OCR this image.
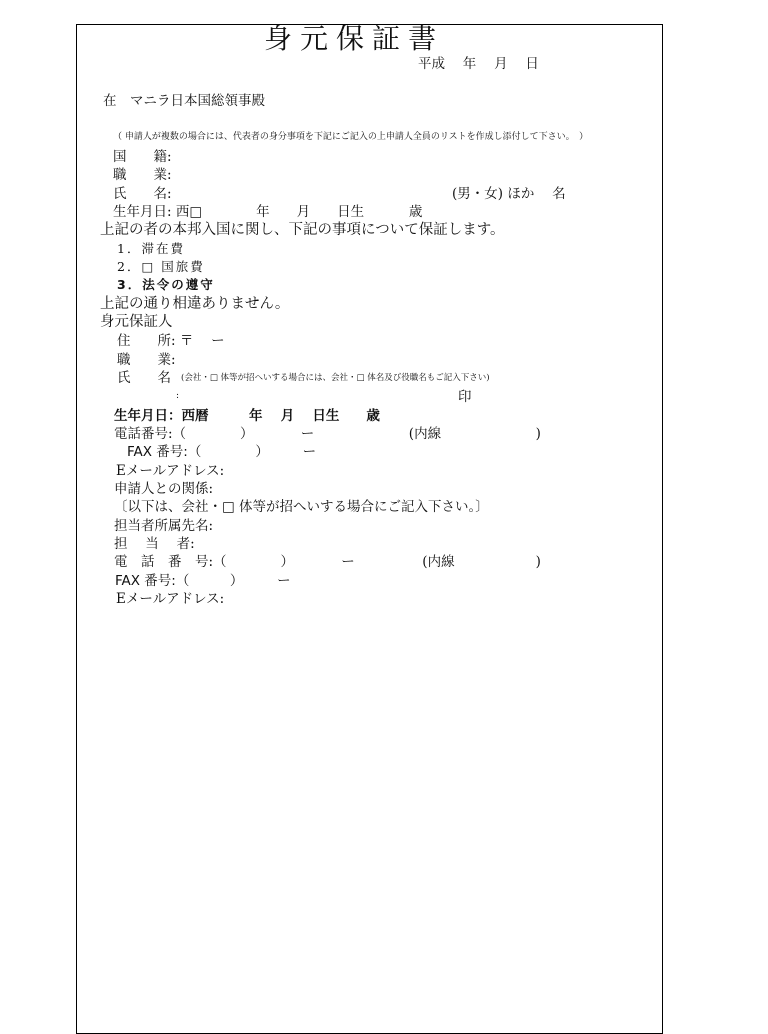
身元保証書
平成　 年　 月　 日
在　マニラ日本国総領事殿
（ 申請人が複数の場合には、代表者の身分事項を下記にご記入の上申請人全員のリストを作成し添付して下さい。　）
国　　籍:
職　　業:
氏　　名:	(男・女) ほか　 名
生年月日: 西□　　　　年　　月　　日生　　　 歳
上記の者の本邦入国に関し、下記の事項について保証します。
1．滞在費
2．□ 国旅費
3．法令の遵守
上記の通り相違ありません。
身元保証人
住　　所: 〒　 ー
職　　業:
氏　　名 (会社・□ 体等が招へいする場合には、会社・□ 体名及び役職名もご記入下さい)
:	印
生年月日：西暦　　　年　 月　 日生　　歳
電話番号:（　　　　）　　　　ー　　　　　　　(内線　　　　　　　)
FAX 番号:（　　　　）　　　ー
Eメールアドレス:
申請人との関係:
〔以下は、会社・□ 体等が招へいする場合にご記入下さい。〕
担当者所属先名:
担　 当　 者:
電　話　番　号:（　　　　）　　　　ー　　　　　(内線　　　　　　)
FAX 番号:（　　　）　　　ー
Eメールアドレス:
